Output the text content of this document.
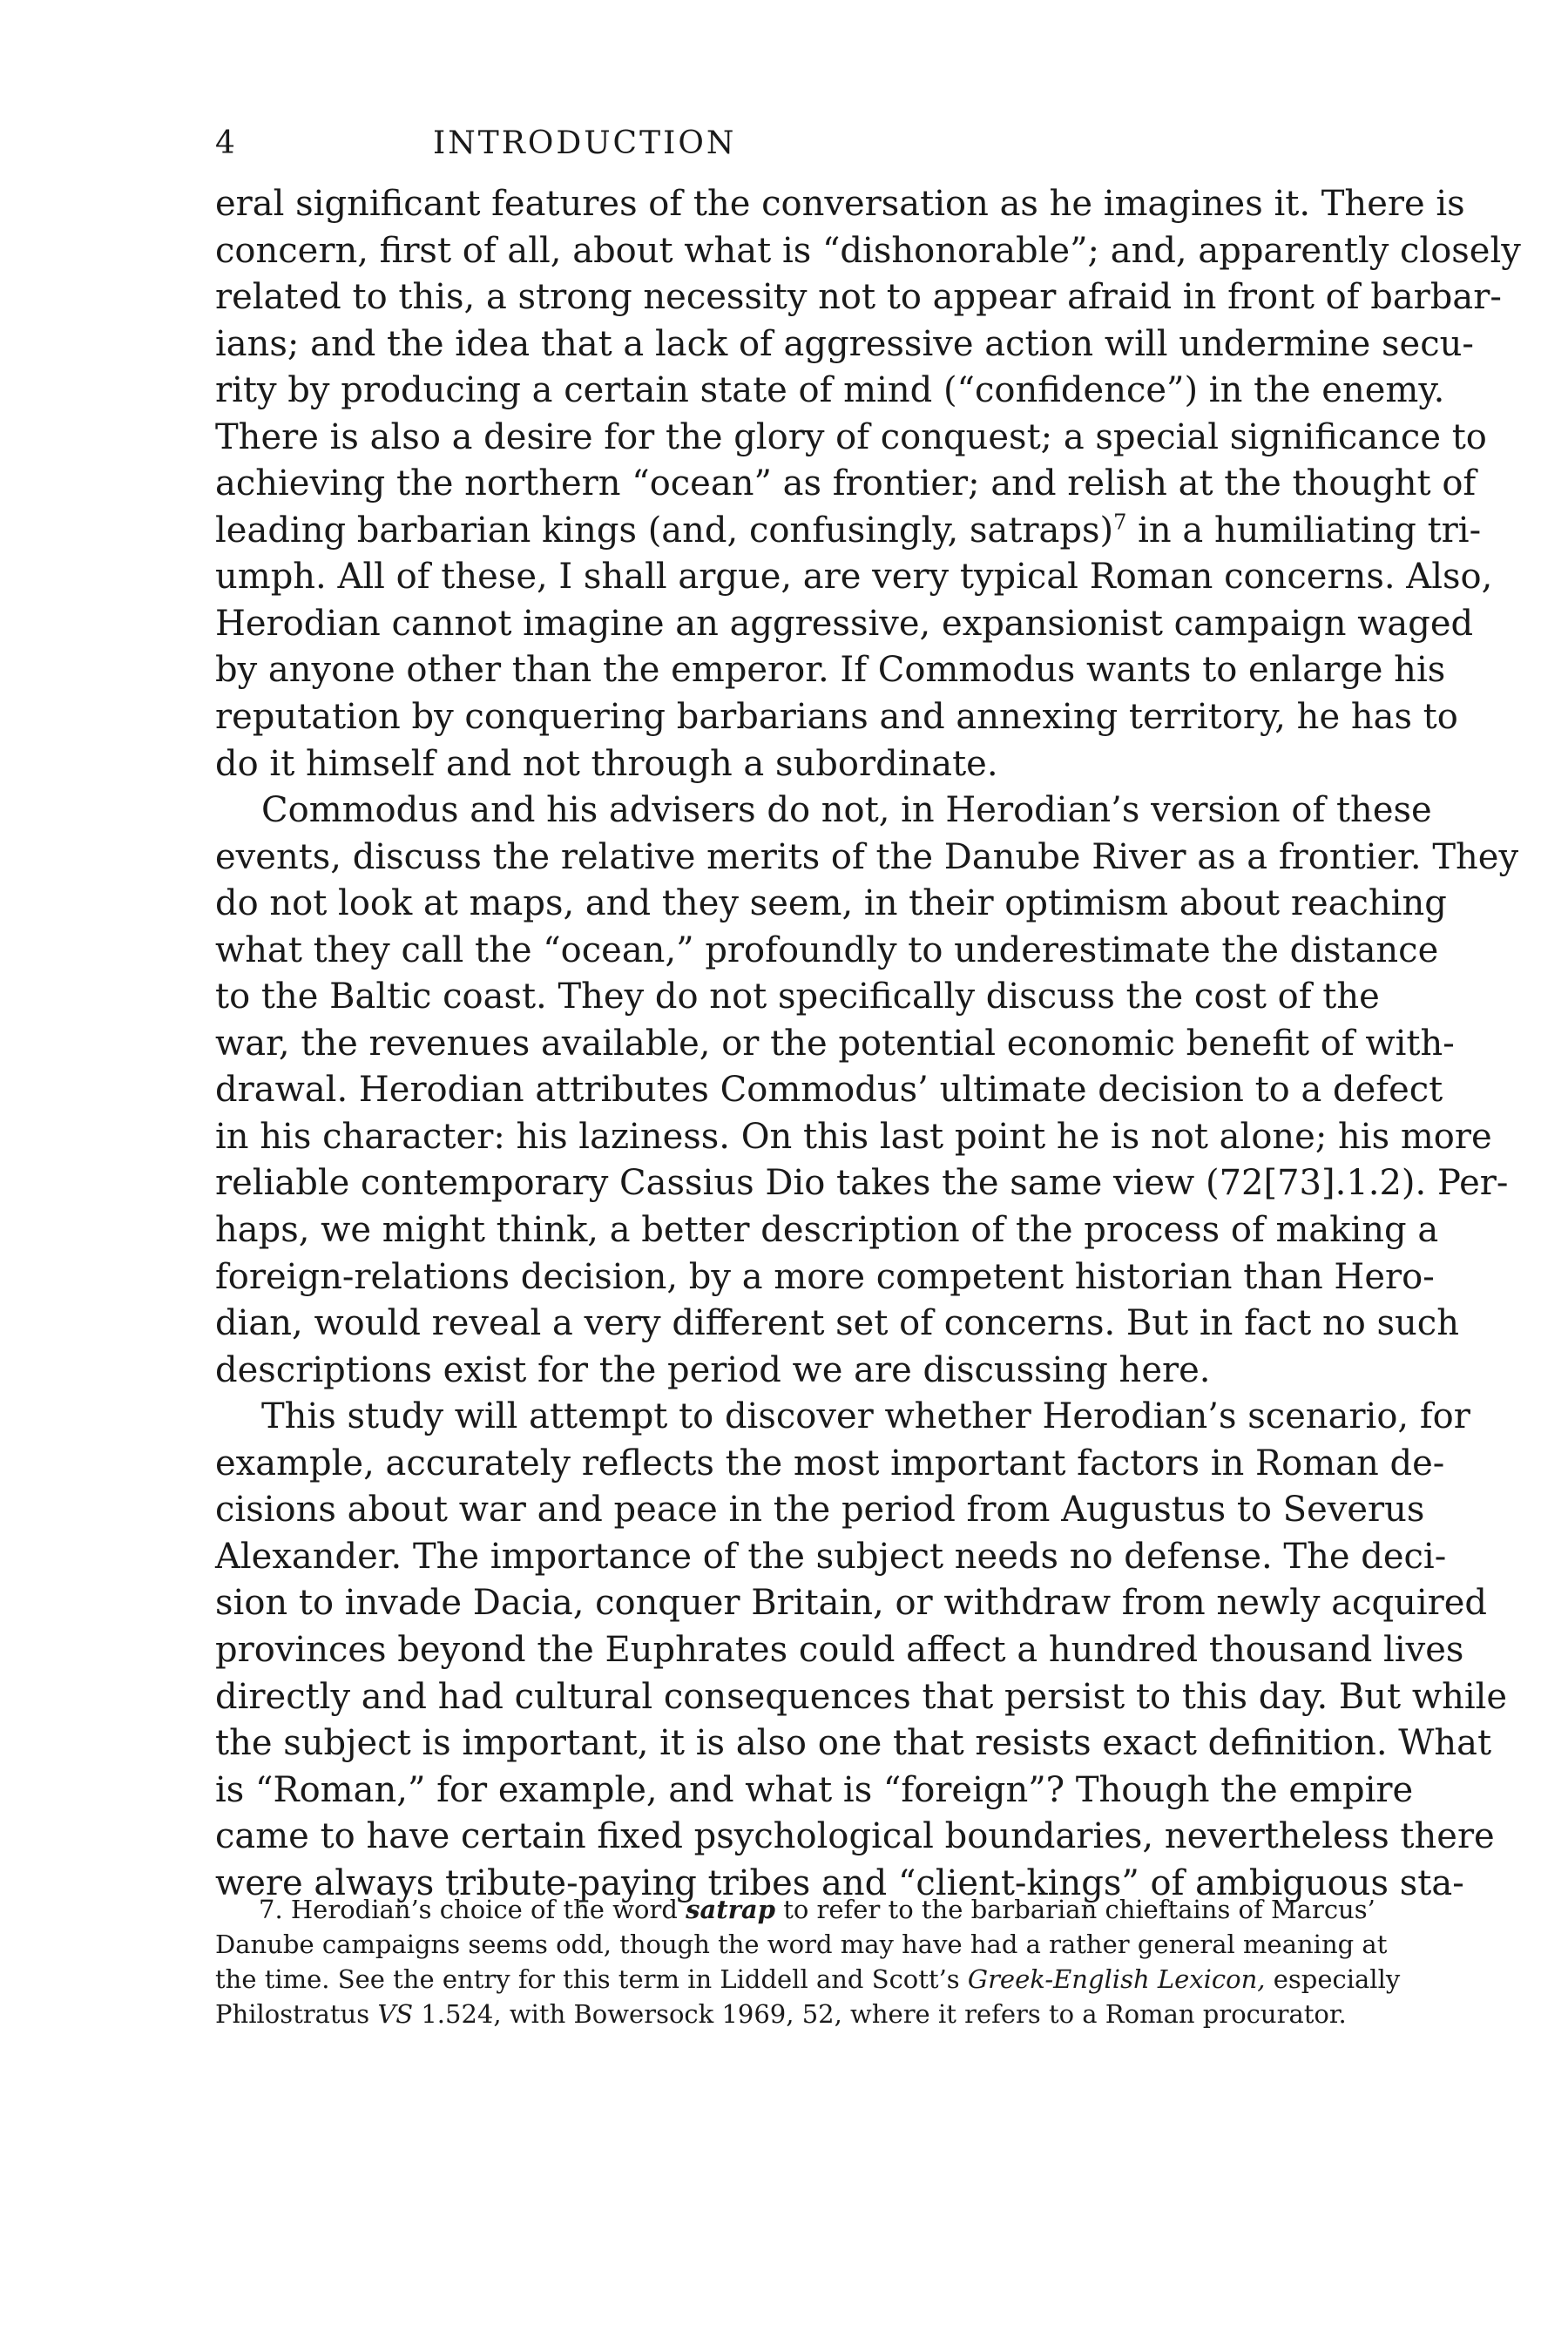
4	INTRODUCTION
eral significant features of the conversation as he imagines it. There is
concern, first of all, about what is “dishonorable”; and, apparently closely
related to this, a strong necessity not to appear afraid in front of barbar-
ians; and the idea that a lack of aggressive action will undermine secu-
rity by producing a certain state of mind (“confidence”) in the enemy.
There is also a desire for the glory of conquest; a special significance to
achieving the northern “ocean” as frontier; and relish at the thought of
leading barbarian kings (and, confusingly, satraps)$^7$ in a humiliating tri-
umph. All of these, I shall argue, are very typical Roman concerns. Also,
Herodian cannot imagine an aggressive, expansionist campaign waged
by anyone other than the emperor. If Commodus wants to enlarge his
reputation by conquering barbarians and annexing territory, he has to
do it himself and not through a subordinate.
Commodus and his advisers do not, in Herodian’s version of these
events, discuss the relative merits of the Danube River as a frontier. They
do not look at maps, and they seem, in their optimism about reaching
what they call the “ocean,” profoundly to underestimate the distance
to the Baltic coast. They do not specifically discuss the cost of the
war, the revenues available, or the potential economic benefit of with-
drawal. Herodian attributes Commodus’ ultimate decision to a defect
in his character: his laziness. On this last point he is not alone; his more
reliable contemporary Cassius Dio takes the same view (72[73].1.2). Per-
haps, we might think, a better description of the process of making a
foreign-relations decision, by a more competent historian than Hero-
dian, would reveal a very different set of concerns. But in fact no such
descriptions exist for the period we are discussing here.
This study will attempt to discover whether Herodian’s scenario, for
example, accurately reflects the most important factors in Roman de-
cisions about war and peace in the period from Augustus to Severus
Alexander. The importance of the subject needs no defense. The deci-
sion to invade Dacia, conquer Britain, or withdraw from newly acquired
provinces beyond the Euphrates could affect a hundred thousand lives
directly and had cultural consequences that persist to this day. But while
the subject is important, it is also one that resists exact definition. What
is “Roman,” for example, and what is “foreign”? Though the empire
came to have certain fixed psychological boundaries, nevertheless there
were always tribute-paying tribes and “client-kings” of ambiguous sta-
7. Herodian’s choice of the word satrap to refer to the barbarian chieftains of Marcus’
Danube campaigns seems odd, though the word may have had a rather general meaning at
the time. See the entry for this term in Liddell and Scott’s Greek-English Lexicon, especially
Philostratus VS 1.524, with Bowersock 1969, 52, where it refers to a Roman procurator.
